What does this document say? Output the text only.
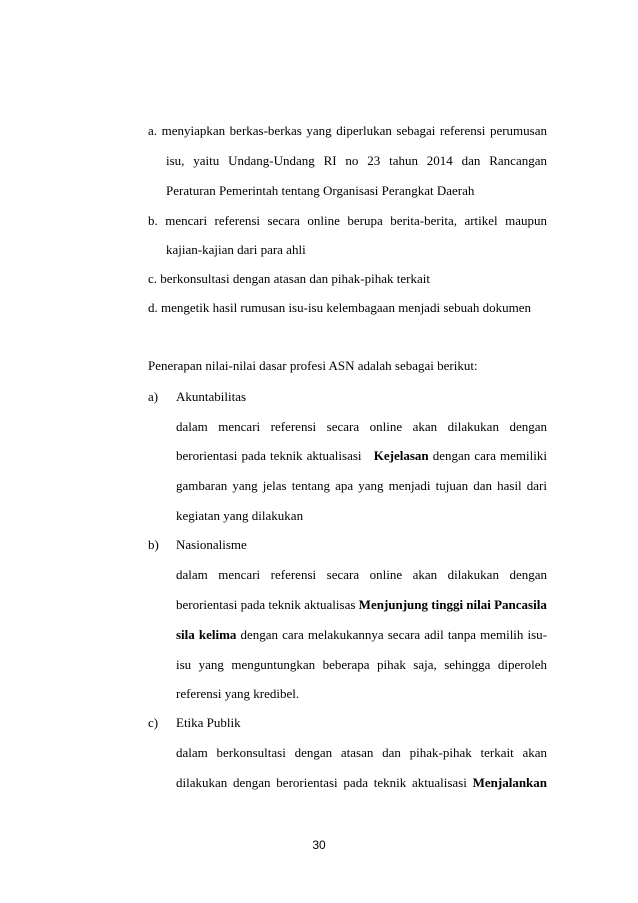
a. menyiapkan berkas-berkas yang diperlukan sebagai referensi perumusan
isu, yaitu Undang-Undang RI no 23 tahun 2014 dan Rancangan
Peraturan Pemerintah tentang Organisasi Perangkat Daerah
b. mencari referensi secara online berupa berita-berita, artikel maupun
kajian-kajian dari para ahli
c. berkonsultasi dengan atasan dan pihak-pihak terkait
d. mengetik hasil rumusan isu-isu kelembagaan menjadi sebuah dokumen
Penerapan nilai-nilai dasar profesi ASN adalah sebagai berikut:
a) Akuntabilitas
dalam mencari referensi secara online akan dilakukan dengan
berorientasi pada teknik aktualisasi Kejelasan dengan cara memiliki
gambaran yang jelas tentang apa yang menjadi tujuan dan hasil dari
kegiatan yang dilakukan
b) Nasionalisme
dalam mencari referensi secara online akan dilakukan dengan
berorientasi pada teknik aktualisas Menjunjung tinggi nilai Pancasila
sila kelima dengan cara melakukannya secara adil tanpa memilih isu-
isu yang menguntungkan beberapa pihak saja, sehingga diperoleh
referensi yang kredibel.
c) Etika Publik
dalam berkonsultasi dengan atasan dan pihak-pihak terkait akan
dilakukan dengan berorientasi pada teknik aktualisasi Menjalankan
30
